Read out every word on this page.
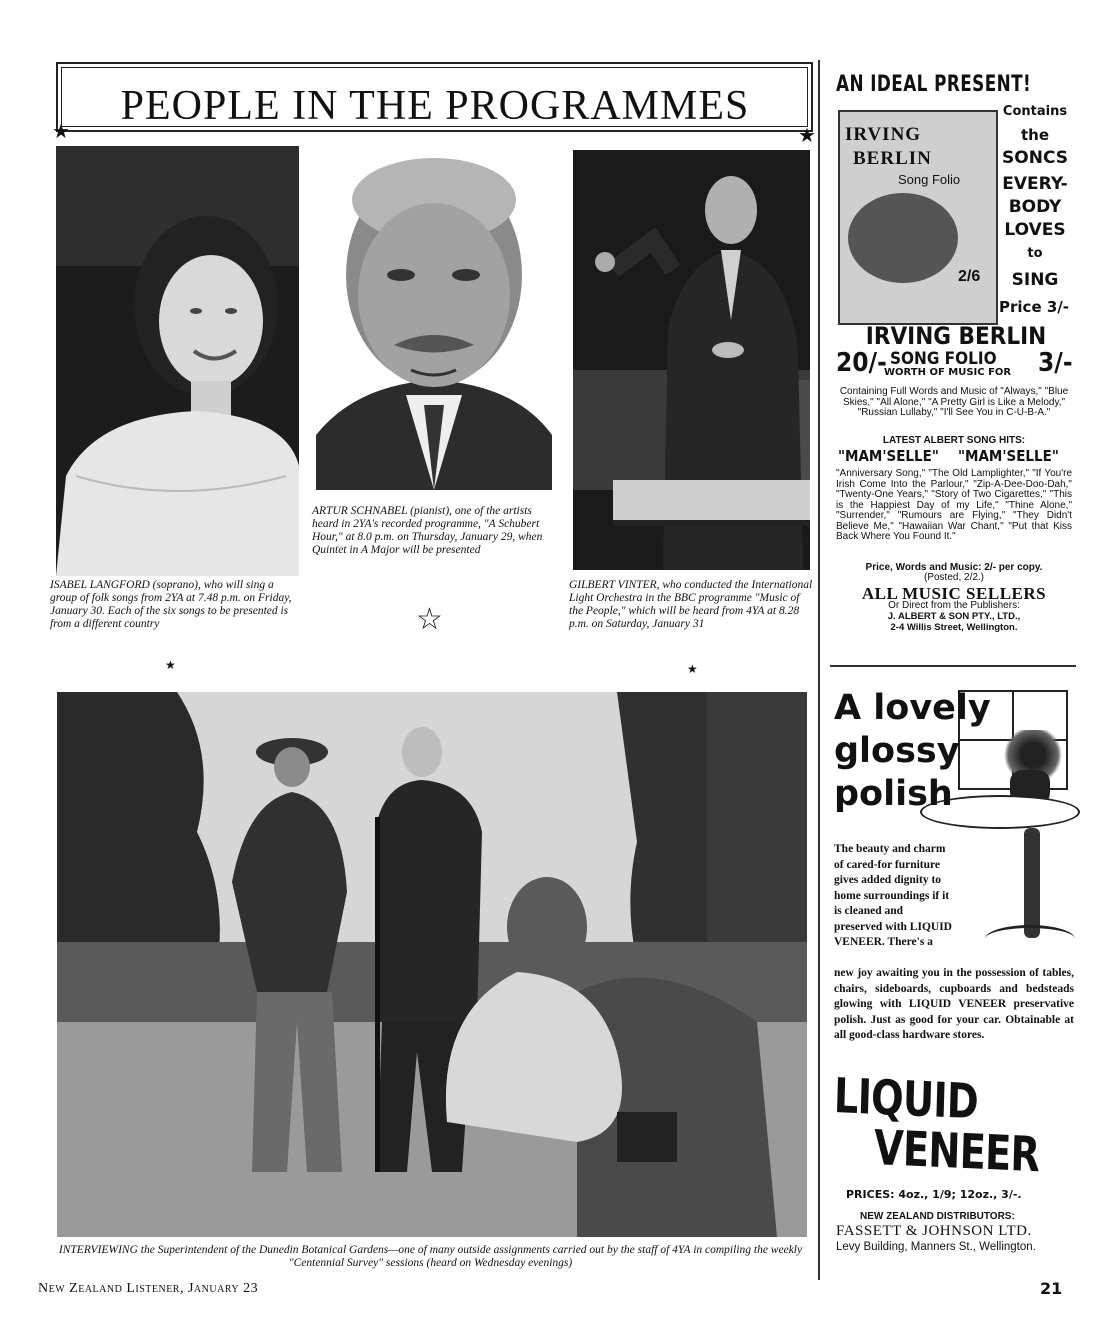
PEOPLE IN THE PROGRAMMES
★	★
ISABEL LANGFORD (soprano), who will sing a group of folk songs from 2YA at 7.48 p.m. on Friday, January 30. Each of the six songs to be presented is from a different country
★
ARTUR SCHNABEL (pianist), one of the artists heard in 2YA's recorded programme, "A Schubert Hour," at 8.0 p.m. on Thursday, January 29, when Quintet in A Major will be presented
☆
GILBERT VINTER, who conducted the International Light Orchestra in the BBC programme "Music of the People," which will be heard from 4YA at 8.28 p.m. on Saturday, January 31
★
INTERVIEWING the Superintendent of the Dunedin Botanical Gardens—one of many outside assignments carried out by the staff of 4YA in compiling the weekly "Centennial Survey" sessions (heard on Wednesday evenings)
AN IDEAL PRESENT!
IRVING
BERLIN
Song Folio
2/6
Contains
the
SONCS
EVERY-
BODY
LOVES
to
SING
Price 3/-
IRVING BERLIN
20/- SONG FOLIO
WORTH OF MUSIC FOR 3/-
Containing Full Words and Music of "Always," "Blue Skies," "All Alone," "A Pretty Girl is Like a Melody," "Russian Lullaby," "I'll See You in C-U-B-A."
LATEST ALBERT SONG HITS:
"MAM'SELLE" "MAM'SELLE"
"Anniversary Song," "The Old Lamplighter," "If You're Irish Come Into the Parlour," "Zip-A-Dee-Doo-Dah," "Twenty-One Years," "Story of Two Cigarettes," "This is the Happiest Day of my Life," "Thine Alone," "Surrender," "Rumours are Flying," "They Didn't Believe Me," "Hawaiian War Chant," "Put that Kiss Back Where You Found It."
Price, Words and Music: 2/- per copy.
(Posted, 2/2.)
ALL MUSIC SELLERS
Or Direct from the Publishers:
J. ALBERT & SON PTY., LTD.,
2-4 Willis Street, Wellington.
A lovely
glossy
polish
The beauty and charm of cared-for furniture gives added dignity to home surroundings if it is cleaned and preserved with LIQUID VENEER. There's a
new joy awaiting you in the possession of tables, chairs, sideboards, cupboards and bedsteads glowing with LIQUID VENEER preservative polish. Just as good for your car. Obtainable at all good-class hardware stores.
LIQUID
VENEER
PRICES: 4oz., 1/9; 12oz., 3/-.
NEW ZEALAND DISTRIBUTORS:
FASSETT & JOHNSON LTD.
Levy Building, Manners St., Wellington.
New Zealand Listener, January 23	21
